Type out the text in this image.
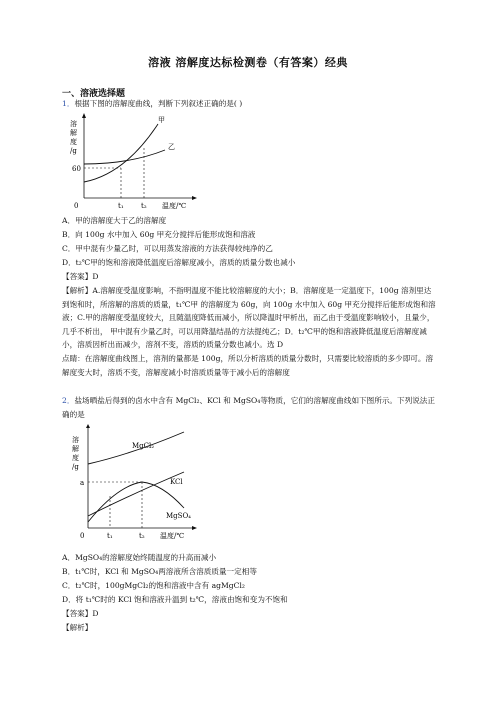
溶液 溶解度达标检测卷（有答案）经典
一、溶液选择题
1．根据下图的溶解度曲线，判断下列叙述正确的是( )
溶
解
度
/g
60
0	t₁ t₂ 温度/℃
甲
乙
A．甲的溶解度大于乙的溶解度
B．向 100g 水中加入 60g 甲充分搅拌后能形成饱和溶液
C．甲中混有少量乙时，可以用蒸发溶液的方法获得较纯净的乙
D．t₂℃甲的饱和溶液降低温度后溶解度减小，溶质的质量分数也减小
【答案】D
【解析】A.溶解度受温度影响，不指明温度不能比较溶解度的大小；B．溶解度是一定温度下，100g 溶剂里达到饱和时，所溶解的溶质的质量，t₁℃甲 的溶解度为 60g，向 100g 水中加入 60g 甲充分搅拌后能形成饱和溶液；C.甲的溶解度受温度较大，且随温度降低而减小，所以降温时甲析出，而乙由于受温度影响较小，且量少，几乎不析出， 甲中混有少量乙时，可以用降温结晶的方法提纯乙；D．t₂℃甲的饱和溶液降低温度后溶解度减小，溶质因析出而减少，溶剂不变，溶质的质量分数也减小。选 D
点睛：在溶解度曲线图上，溶剂的量都是 100g，所以分析溶质的质量分数时，只需要比较溶质的多少即可。溶解度变大时，溶质不变，溶解度减小时溶质质量等于减小后的溶解度
2．盐场晒盐后得到的卤水中含有 MgCl₂、KCl 和 MgSO₄等物质，它们的溶解度曲线如下图所示。下列说法正确的是
溶
解
度
/g
a
0	t₁	t₂ 温度/℃
MgCl₂
KCl
MgSO₄
A．MgSO₄的溶解度始终随温度的升高而减小
B．t₁℃时，KCl 和 MgSO₄两溶液所含溶质质量一定相等
C．t₂℃时，100gMgCl₂的饱和溶液中含有 agMgCl₂
D．将 t₁℃时的 KCl 饱和溶液升温到 t₂℃，溶液由饱和变为不饱和
【答案】D
【解析】
